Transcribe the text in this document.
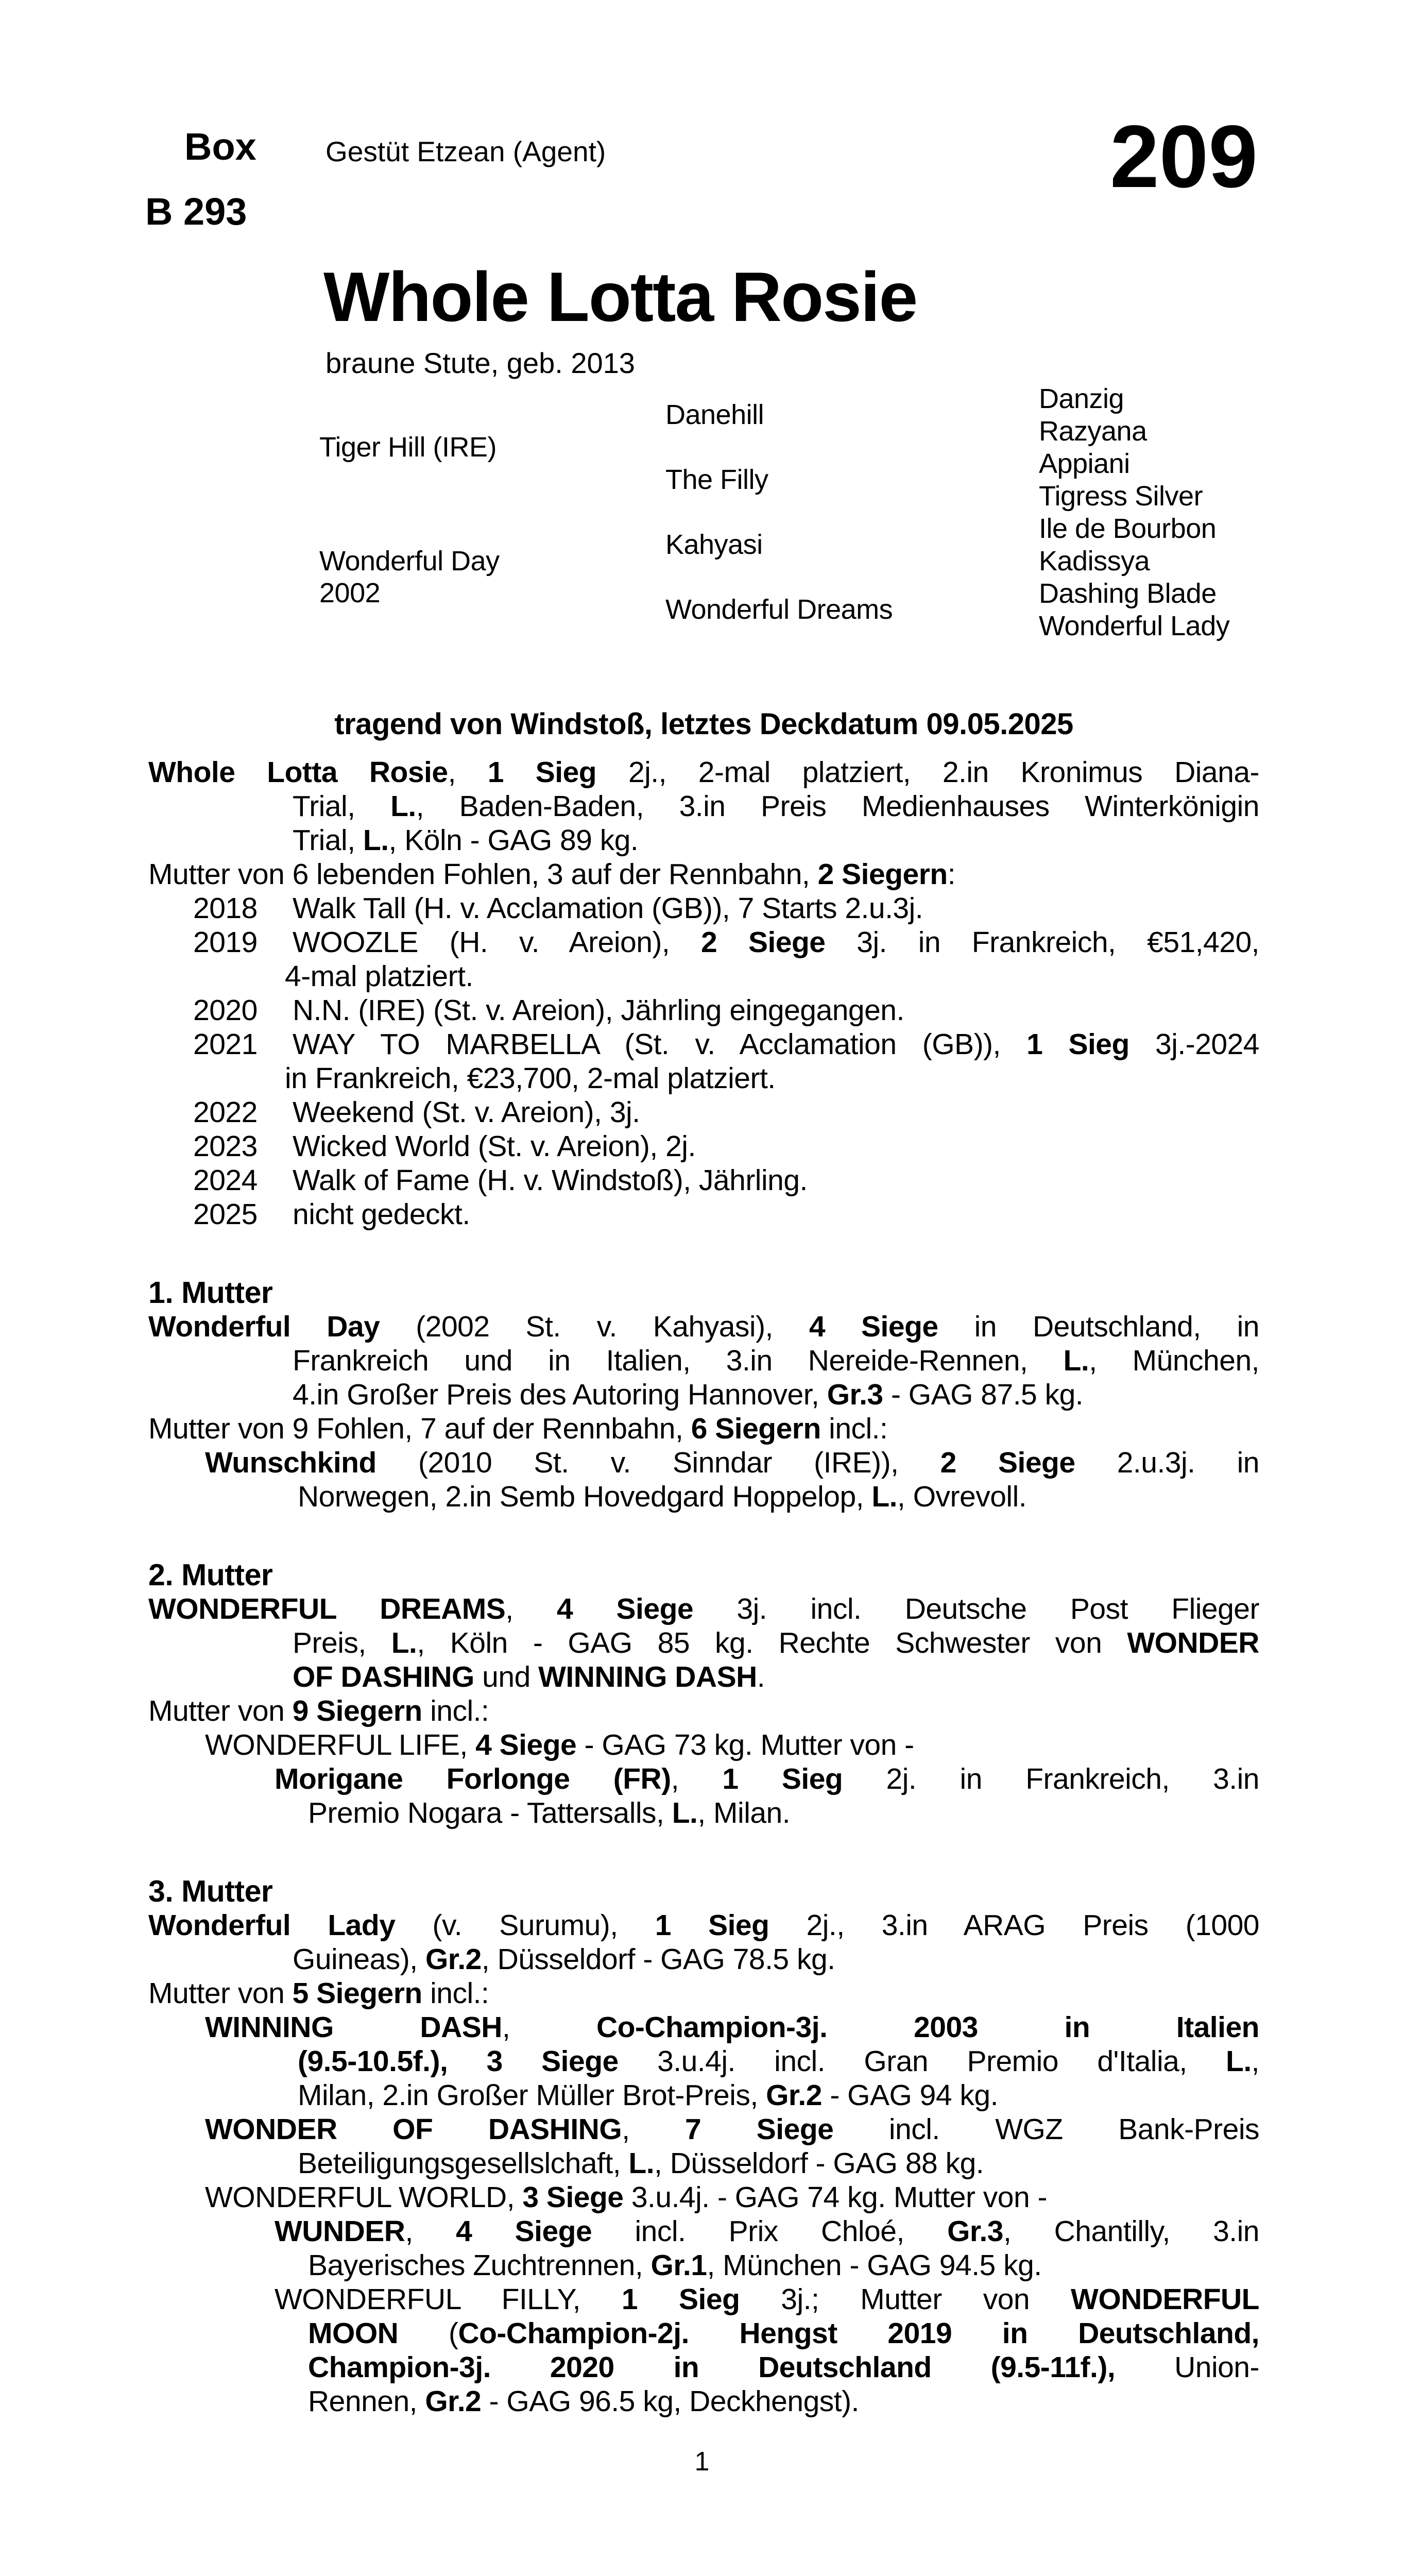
Box
B 293
Gestüt Etzean (Agent)	209
Whole Lotta Rosie
braune Stute, geb. 2013
Tiger Hill (IRE)
Wonderful Day
2002
Danehill
The Filly
Kahyasi
Wonderful Dreams
Danzig
Razyana
Appiani
Tigress Silver
Ile de Bourbon
Kadissya
Dashing Blade
Wonderful Lady
tragend von Windstoß, letztes Deckdatum 09.05.2025
Whole Lotta Rosie, 1 Sieg 2j., 2-mal platziert, 2.in Kronimus Diana-
Trial, L., Baden-Baden, 3.in Preis Medienhauses Winterkönigin
Trial, L., Köln - GAG 89 kg.
Mutter von 6 lebenden Fohlen, 3 auf der Rennbahn, 2 Siegern:
2018 Walk Tall (H. v. Acclamation (GB)), 7 Starts 2.u.3j.
2019 WOOZLE (H. v. Areion), 2 Siege 3j. in Frankreich, €51,420,
4-mal platziert.
2020 N.N. (IRE) (St. v. Areion), Jährling eingegangen.
2021 WAY TO MARBELLA (St. v. Acclamation (GB)), 1 Sieg 3j.-2024
in Frankreich, €23,700, 2-mal platziert.
2022 Weekend (St. v. Areion), 3j.
2023 Wicked World (St. v. Areion), 2j.
2024 Walk of Fame (H. v. Windstoß), Jährling.
2025 nicht gedeckt.
1. Mutter
Wonderful Day (2002 St. v. Kahyasi), 4 Siege in Deutschland, in
Frankreich und in Italien, 3.in Nereide-Rennen, L., München,
4.in Großer Preis des Autoring Hannover, Gr.3 - GAG 87.5 kg.
Mutter von 9 Fohlen, 7 auf der Rennbahn, 6 Siegern incl.:
Wunschkind (2010 St. v. Sinndar (IRE)), 2 Siege 2.u.3j. in
Norwegen, 2.in Semb Hovedgard Hoppelop, L., Ovrevoll.
2. Mutter
WONDERFUL DREAMS, 4 Siege 3j. incl. Deutsche Post Flieger
Preis, L., Köln - GAG 85 kg. Rechte Schwester von WONDER
OF DASHING und WINNING DASH.
Mutter von 9 Siegern incl.:
WONDERFUL LIFE, 4 Siege - GAG 73 kg. Mutter von -
Morigane Forlonge (FR), 1 Sieg 2j. in Frankreich, 3.in
Premio Nogara - Tattersalls, L., Milan.
3. Mutter
Wonderful Lady (v. Surumu), 1 Sieg 2j., 3.in ARAG Preis (1000
Guineas), Gr.2, Düsseldorf - GAG 78.5 kg.
Mutter von 5 Siegern incl.:
WINNING DASH, Co-Champion-3j. 2003 in Italien
(9.5-10.5f.), 3 Siege 3.u.4j. incl. Gran Premio d'Italia, L.,
Milan, 2.in Großer Müller Brot-Preis, Gr.2 - GAG 94 kg.
WONDER OF DASHING, 7 Siege incl. WGZ Bank-Preis
Beteiligungsgesellslchaft, L., Düsseldorf - GAG 88 kg.
WONDERFUL WORLD, 3 Siege 3.u.4j. - GAG 74 kg. Mutter von -
WUNDER, 4 Siege incl. Prix Chloé, Gr.3, Chantilly, 3.in
Bayerisches Zuchtrennen, Gr.1, München - GAG 94.5 kg.
WONDERFUL FILLY, 1 Sieg 3j.; Mutter von WONDERFUL
MOON (Co-Champion-2j. Hengst 2019 in Deutschland,
Champion-3j. 2020 in Deutschland (9.5-11f.), Union-
Rennen, Gr.2 - GAG 96.5 kg, Deckhengst).
1
